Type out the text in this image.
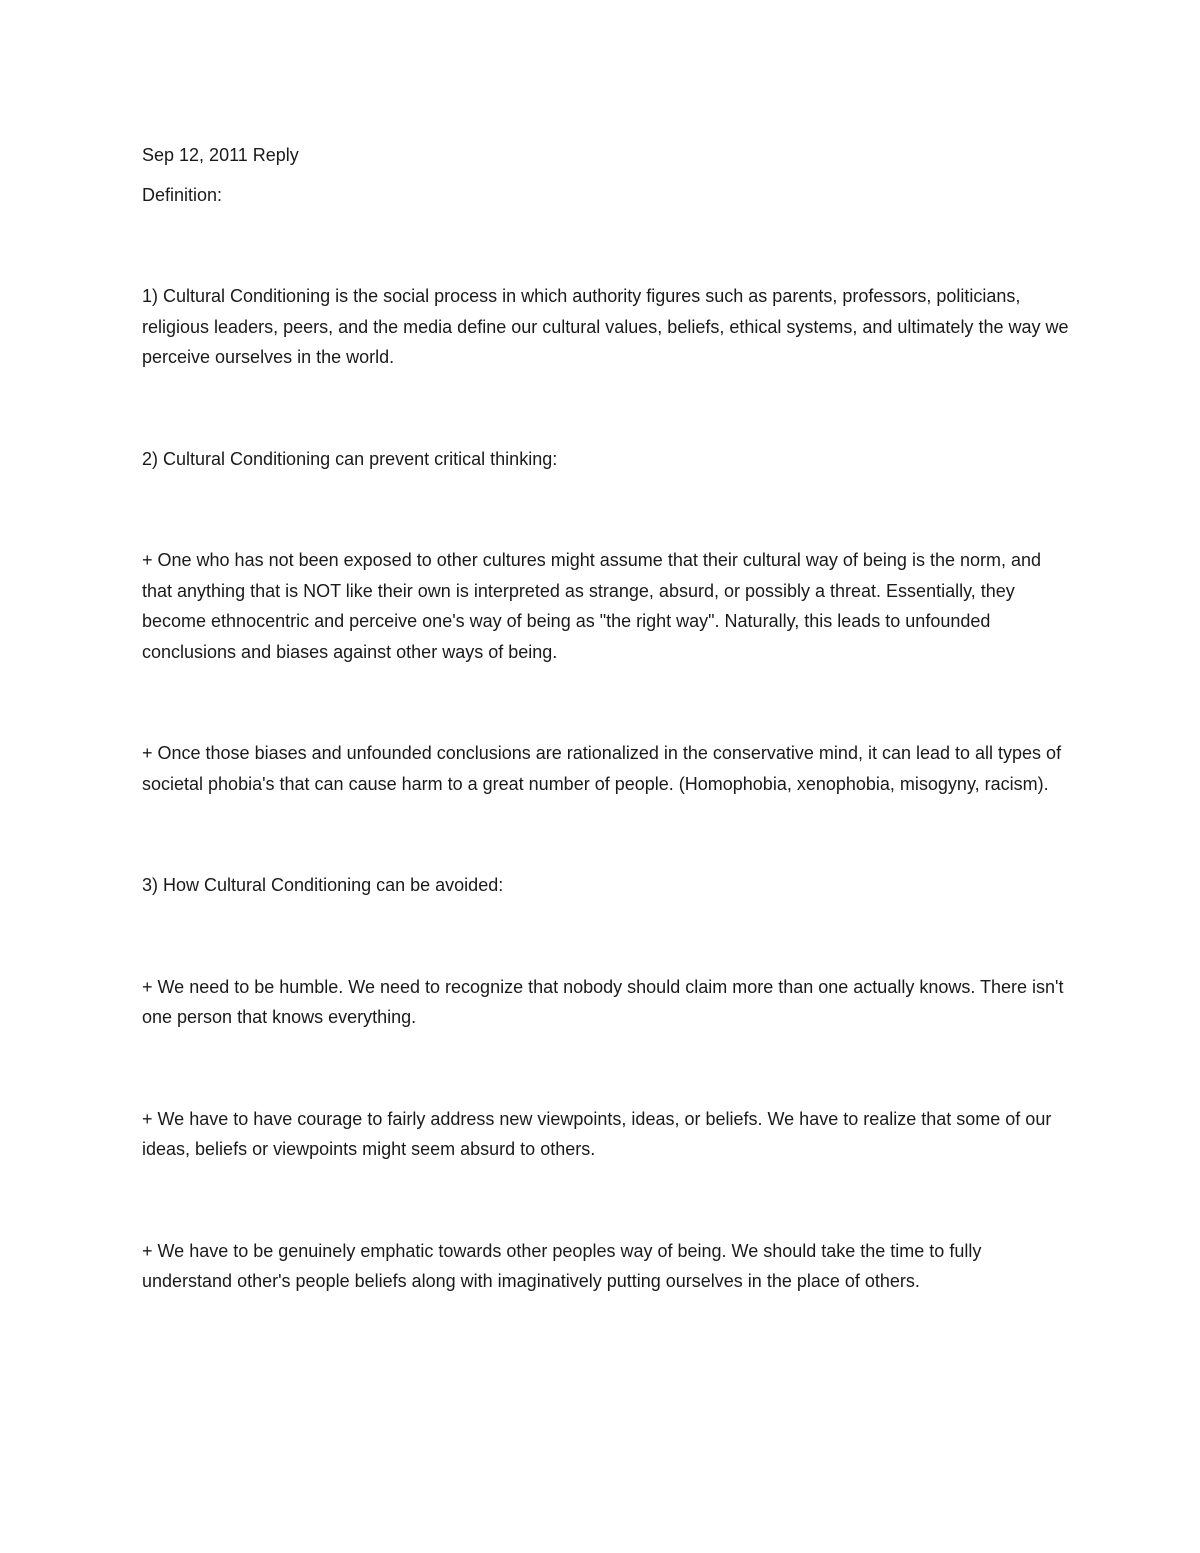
Sep 12, 2011 Reply

Definition:

1) Cultural Conditioning is the social process in which authority figures such as parents, professors, politicians, religious leaders, peers, and the media define our cultural values, beliefs, ethical systems, and ultimately the way we perceive ourselves in the world.

2) Cultural Conditioning can prevent critical thinking:

+ One who has not been exposed to other cultures might assume that their cultural way of being is the norm, and that anything that is NOT like their own is interpreted as strange, absurd, or possibly a threat. Essentially, they become ethnocentric and perceive one's way of being as "the right way". Naturally, this leads to unfounded conclusions and biases against other ways of being.

+ Once those biases and unfounded conclusions are rationalized in the conservative mind, it can lead to all types of societal phobia's that can cause harm to a great number of people. (Homophobia, xenophobia, misogyny, racism).

3) How Cultural Conditioning can be avoided:

+ We need to be humble. We need to recognize that nobody should claim more than one actually knows. There isn't one person that knows everything.

+ We have to have courage to fairly address new viewpoints, ideas, or beliefs. We have to realize that some of our ideas, beliefs or viewpoints might seem absurd to others.

+ We have to be genuinely emphatic towards other peoples way of being. We should take the time to fully understand other's people beliefs along with imaginatively putting ourselves in the place of others.
